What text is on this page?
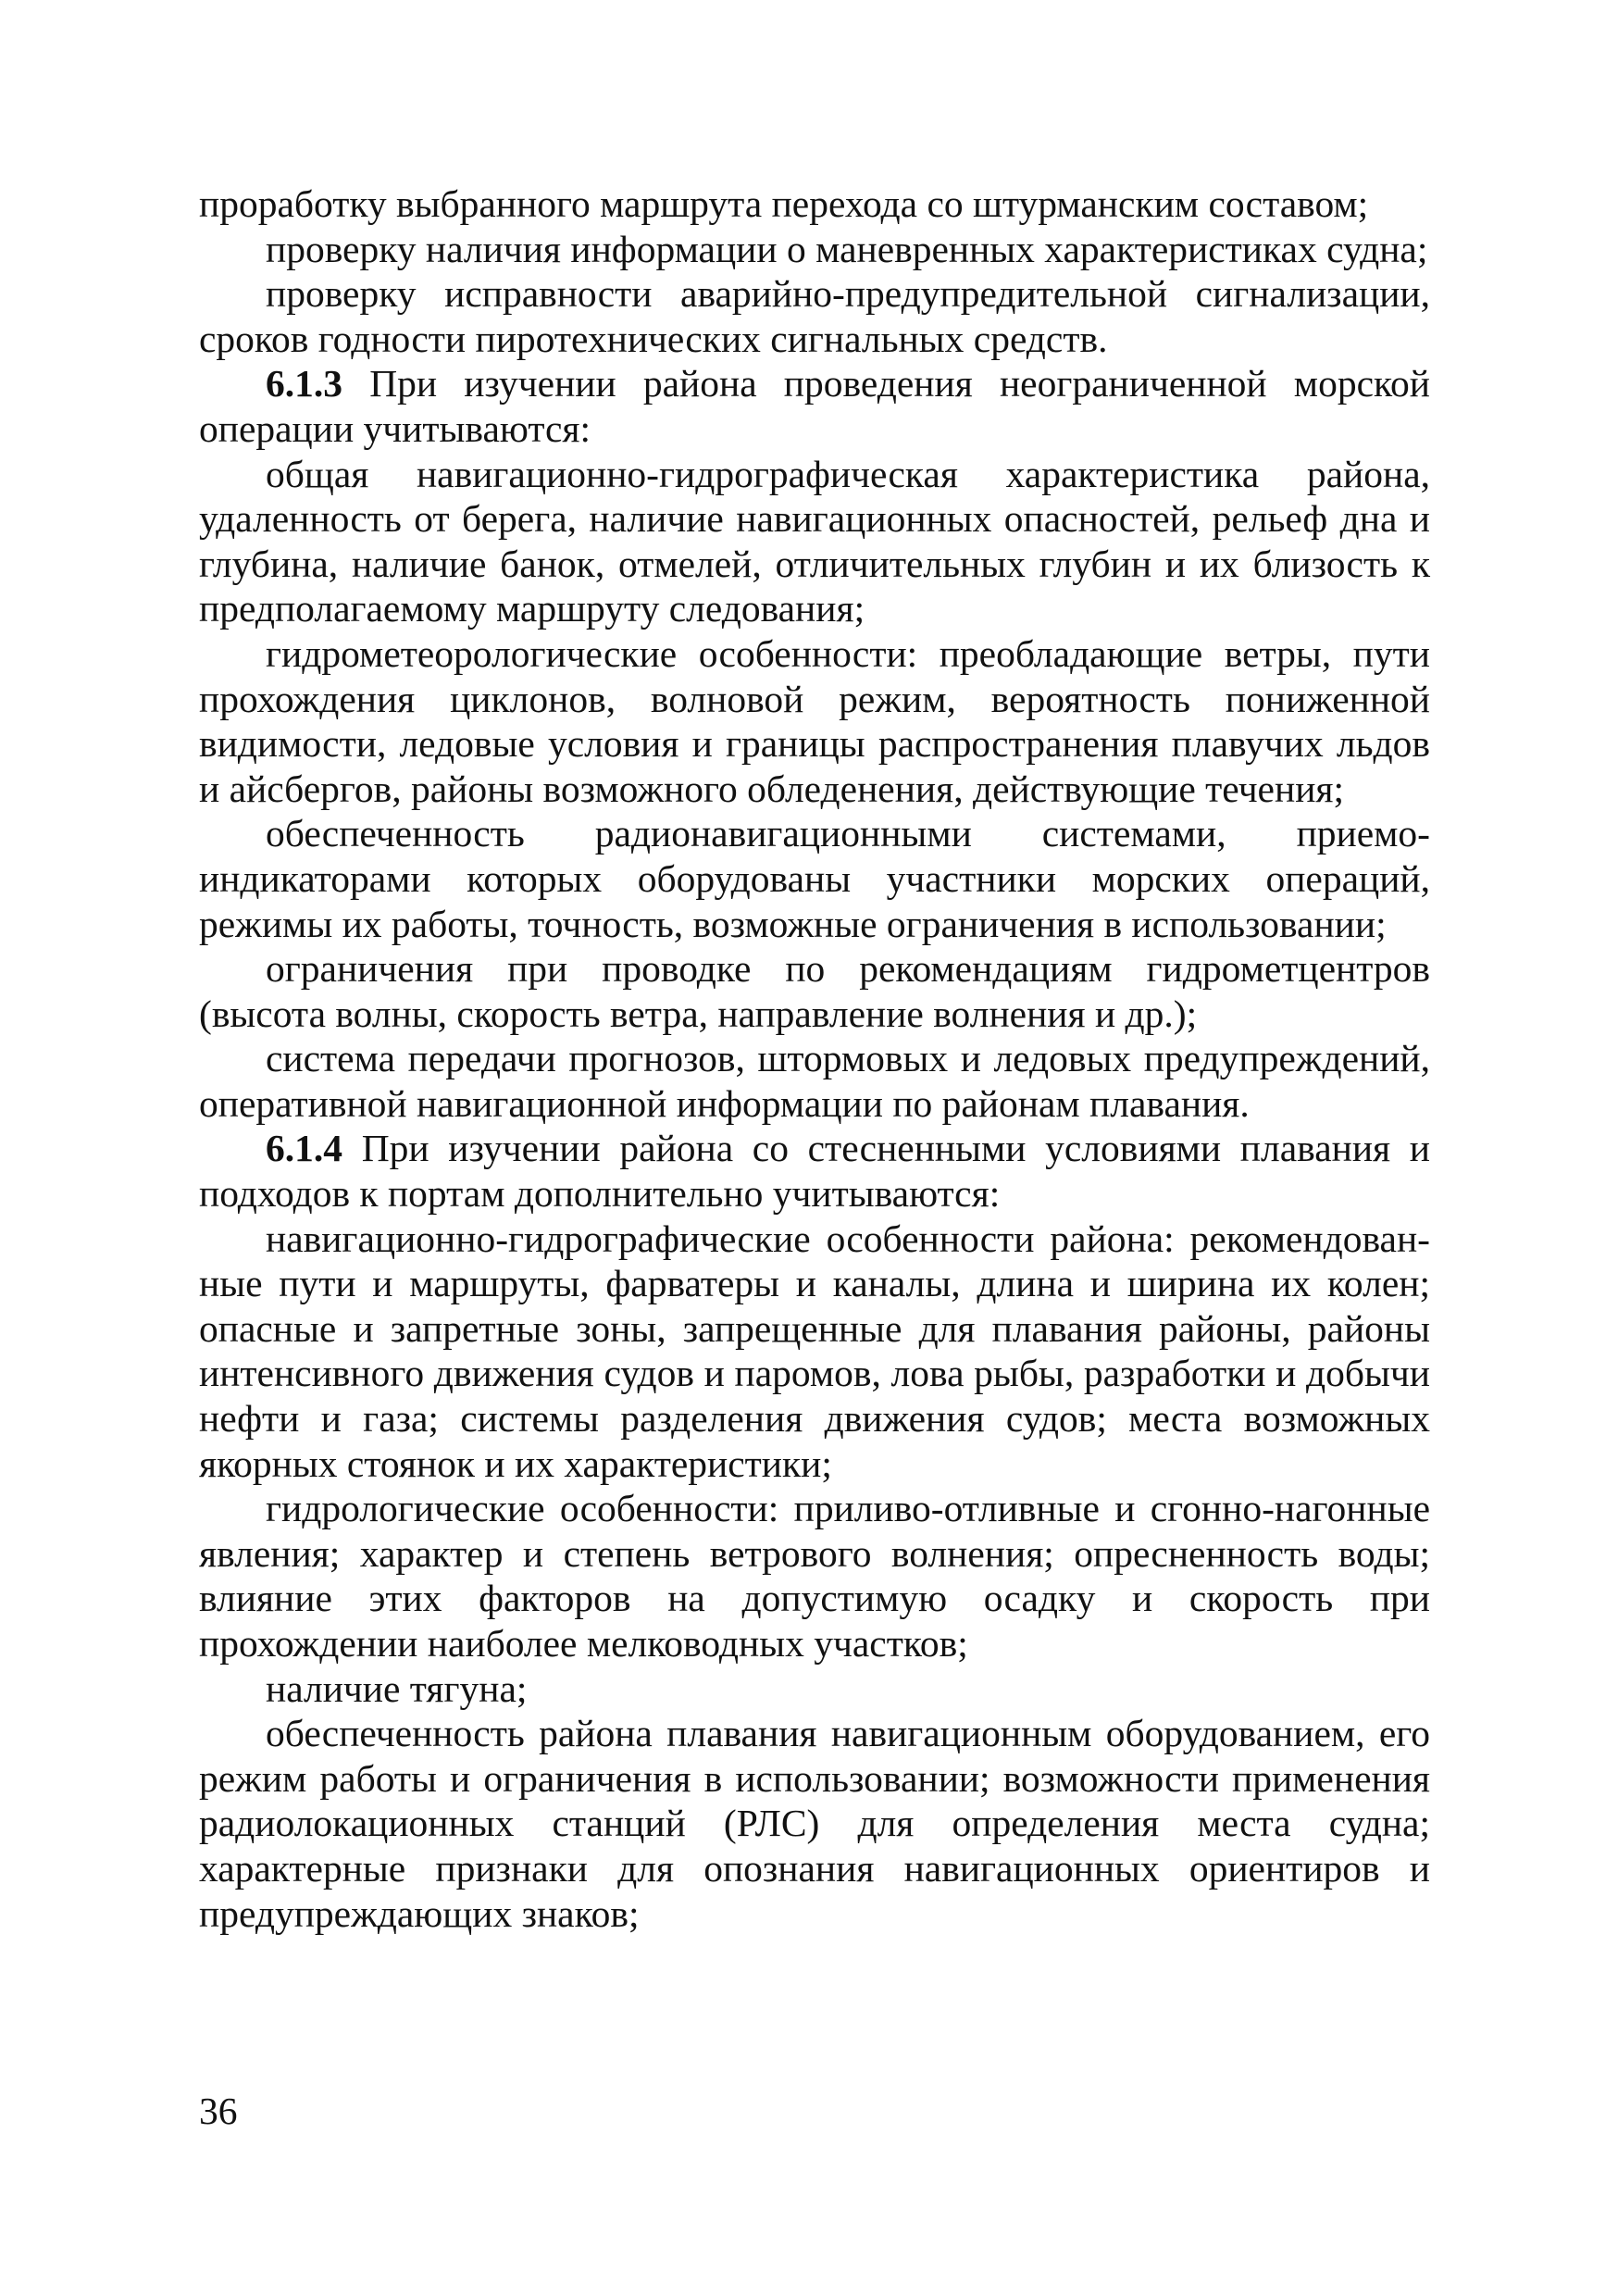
проработку выбранного маршрута перехода со штурманским составом;

проверку наличия информации о маневренных характеристиках судна;

проверку исправности аварийно-предупредительной сигнализации, сроков годности пиротехнических сигнальных средств.

6.1.3 При изучении района проведения неограниченной морской операции учитываются:

общая навигационно-гидрографическая характеристика района, удаленность от берега, наличие навигационных опасностей, рельеф дна и глубина, наличие банок, отмелей, отличительных глубин и их близость к предполагаемому маршруту следования;

гидрометеорологические особенности: преобладающие ветры, пути прохождения циклонов, волновой режим, вероятность пониженной видимости, ледовые условия и границы распространения плавучих льдов и айсбергов, районы возможного обледенения, действующие течения;

обеспеченность радионавигационными системами, приемо-индикаторами которых оборудованы участники морских операций, режимы их работы, точность, возможные ограничения в использовании;

ограничения при проводке по рекомендациям гидрометцентров (высота волны, скорость ветра, направление волнения и др.);

система передачи прогнозов, штормовых и ледовых предупреждений, оперативной навигационной информации по районам плавания.

6.1.4 При изучении района со стесненными условиями плавания и подходов к портам дополнительно учитываются:

навигационно-гидрографические особенности района: рекомендованные пути и маршруты, фарватеры и каналы, длина и ширина их колен; опасные и запретные зоны, запрещенные для плавания районы, районы интенсивного движения судов и паромов, лова рыбы, разработки и добычи нефти и газа; системы разделения движения судов; места возможных якорных стоянок и их характеристики;

гидрологические особенности: приливо-отливные и сгонно-нагонные явления; характер и степень ветрового волнения; опресненность воды; влияние этих факторов на допустимую осадку и скорость при прохождении наиболее мелководных участков;

наличие тягуна;

обеспеченность района плавания навигационным оборудованием, его режим работы и ограничения в использовании; возможности применения радиолокационных станций (РЛС) для определения места судна; характерные признаки для опознания навигационных ориентиров и предупреждающих знаков;

36
